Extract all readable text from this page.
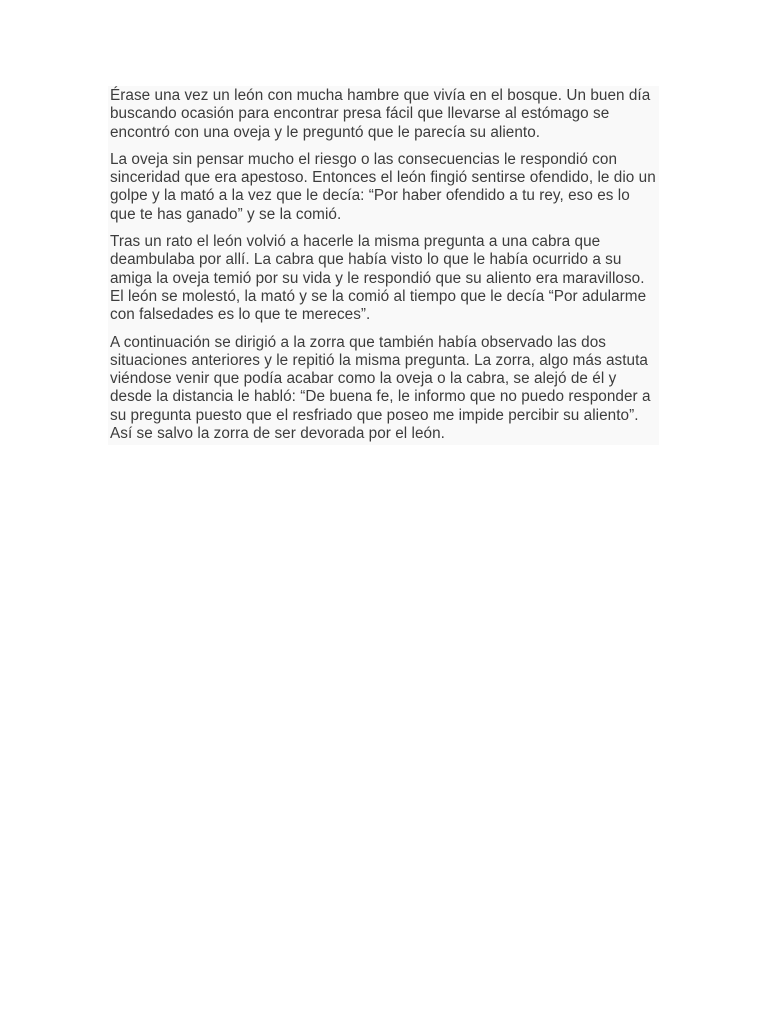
Érase una vez un león con mucha hambre que vivía en el bosque. Un buen día buscando ocasión para encontrar presa fácil que llevarse al estómago se encontró con una oveja y le preguntó que le parecía su aliento.

La oveja sin pensar mucho el riesgo o las consecuencias le respondió con sinceridad que era apestoso. Entonces el león fingió sentirse ofendido, le dio un golpe y la mató a la vez que le decía: “Por haber ofendido a tu rey, eso es lo que te has ganado” y se la comió.

Tras un rato el león volvió a hacerle la misma pregunta a una cabra que deambulaba por allí. La cabra que había visto lo que le había ocurrido a su amiga la oveja temió por su vida y le respondió que su aliento era maravilloso. El león se molestó, la mató y se la comió al tiempo que le decía “Por adularme con falsedades es lo que te mereces”.

A continuación se dirigió a la zorra que también había observado las dos situaciones anteriores y le repitió la misma pregunta. La zorra, algo más astuta viéndose venir que podía acabar como la oveja o la cabra, se alejó de él y desde la distancia le habló: “De buena fe, le informo que no puedo responder a su pregunta puesto que el resfriado que poseo me impide percibir su aliento”. Así se salvo la zorra de ser devorada por el león.
